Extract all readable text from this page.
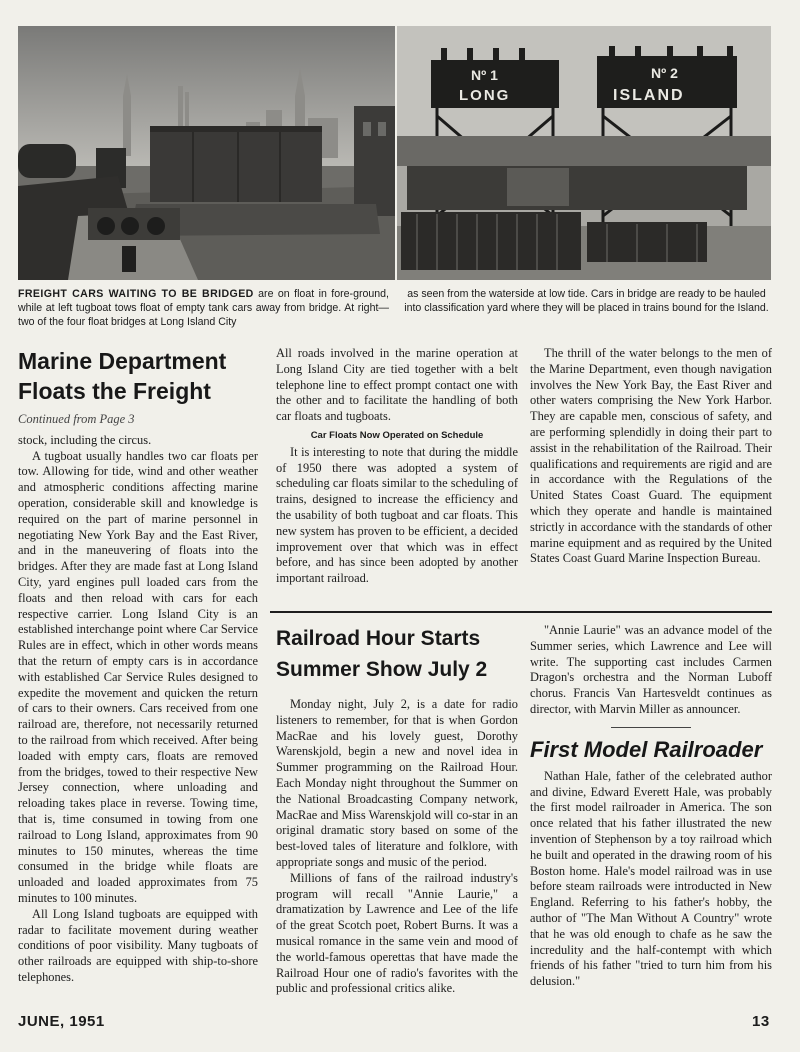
Nº 1
LONG
Nº 2
ISLAND

FREIGHT CARS WAITING TO BE BRIDGED are on float in fore-ground, while at left tugboat tows float of empty tank cars away from bridge. At right—two of the four float bridges at Long Island City

as seen from the waterside at low tide. Cars in bridge are ready to be hauled into classification yard where they will be placed in trains bound for the Island.

Marine Department Floats the Freight
Continued from Page 3

stock, including the circus.

A tugboat usually handles two car floats per tow. Allowing for tide, wind and other weather and atmospheric conditions affecting marine operation, considerable skill and knowledge is required on the part of marine personnel in negotiating New York Bay and the East River, and in the maneuvering of floats into the bridges. After they are made fast at Long Island City, yard engines pull loaded cars from the floats and then reload with cars for each respective carrier. Long Island City is an established interchange point where Car Service Rules are in effect, which in other words means that the return of empty cars is in accordance with established Car Service Rules designed to expedite the movement and quicken the return of cars to their owners. Cars received from one railroad are, therefore, not necessarily returned to the railroad from which received. After being loaded with empty cars, floats are removed from the bridges, towed to their respective New Jersey connection, where unloading and reloading takes place in reverse. Towing time, that is, time consumed in towing from one railroad to Long Island, approximates from 90 minutes to 150 minutes, whereas the time consumed in the bridge while floats are unloaded and loaded approximates from 75 minutes to 100 minutes.

All Long Island tugboats are equipped with radar to facilitate movement during weather conditions of poor visibility. Many tugboats of other railroads are equipped with ship-to-shore telephones.

All roads involved in the marine operation at Long Island City are tied together with a belt telephone line to effect prompt contact one with the other and to facilitate the handling of both car floats and tugboats.

Car Floats Now Operated on Schedule

It is interesting to note that during the middle of 1950 there was adopted a system of scheduling car floats similar to the scheduling of trains, designed to increase the efficiency and the usability of both tugboat and car floats. This new system has proven to be efficient, a decided improvement over that which was in effect before, and has since been adopted by another important railroad.

The thrill of the water belongs to the men of the Marine Department, even though navigation involves the New York Bay, the East River and other waters comprising the New York Harbor. They are capable men, conscious of safety, and are performing splendidly in doing their part to assist in the rehabilitation of the Railroad. Their qualifications and requirements are rigid and are in accordance with the Regulations of the United States Coast Guard. The equipment which they operate and handle is maintained strictly in accordance with the standards of other marine equipment and as required by the United States Coast Guard Marine Inspection Bureau.

Railroad Hour Starts Summer Show July 2

Monday night, July 2, is a date for radio listeners to remember, for that is when Gordon MacRae and his lovely guest, Dorothy Warenskjold, begin a new and novel idea in Summer programming on the Railroad Hour. Each Monday night throughout the Summer on the National Broadcasting Company network, MacRae and Miss Warenskjold will co-star in an original dramatic story based on some of the best-loved tales of literature and folklore, with appropriate songs and music of the period.

Millions of fans of the railroad industry's program will recall "Annie Laurie," a dramatization by Lawrence and Lee of the life of the great Scotch poet, Robert Burns. It was a musical romance in the same vein and mood of the world-famous operettas that have made the Railroad Hour one of radio's favorites with the public and professional critics alike.

"Annie Laurie" was an advance model of the Summer series, which Lawrence and Lee will write. The supporting cast includes Carmen Dragon's orchestra and the Norman Luboff chorus. Francis Van Hartesveldt continues as director, with Marvin Miller as announcer.

First Model Railroader

Nathan Hale, father of the celebrated author and divine, Edward Everett Hale, was probably the first model railroader in America. The son once related that his father illustrated the new invention of Stephenson by a toy railroad which he built and operated in the drawing room of his Boston home. Hale's model railroad was in use before steam railroads were introducted in New England. Referring to his father's hobby, the author of "The Man Without A Country" wrote that he was old enough to chafe as he saw the incredulity and the half-contempt with which friends of his father "tried to turn him from his delusion."

JUNE, 1951	13
